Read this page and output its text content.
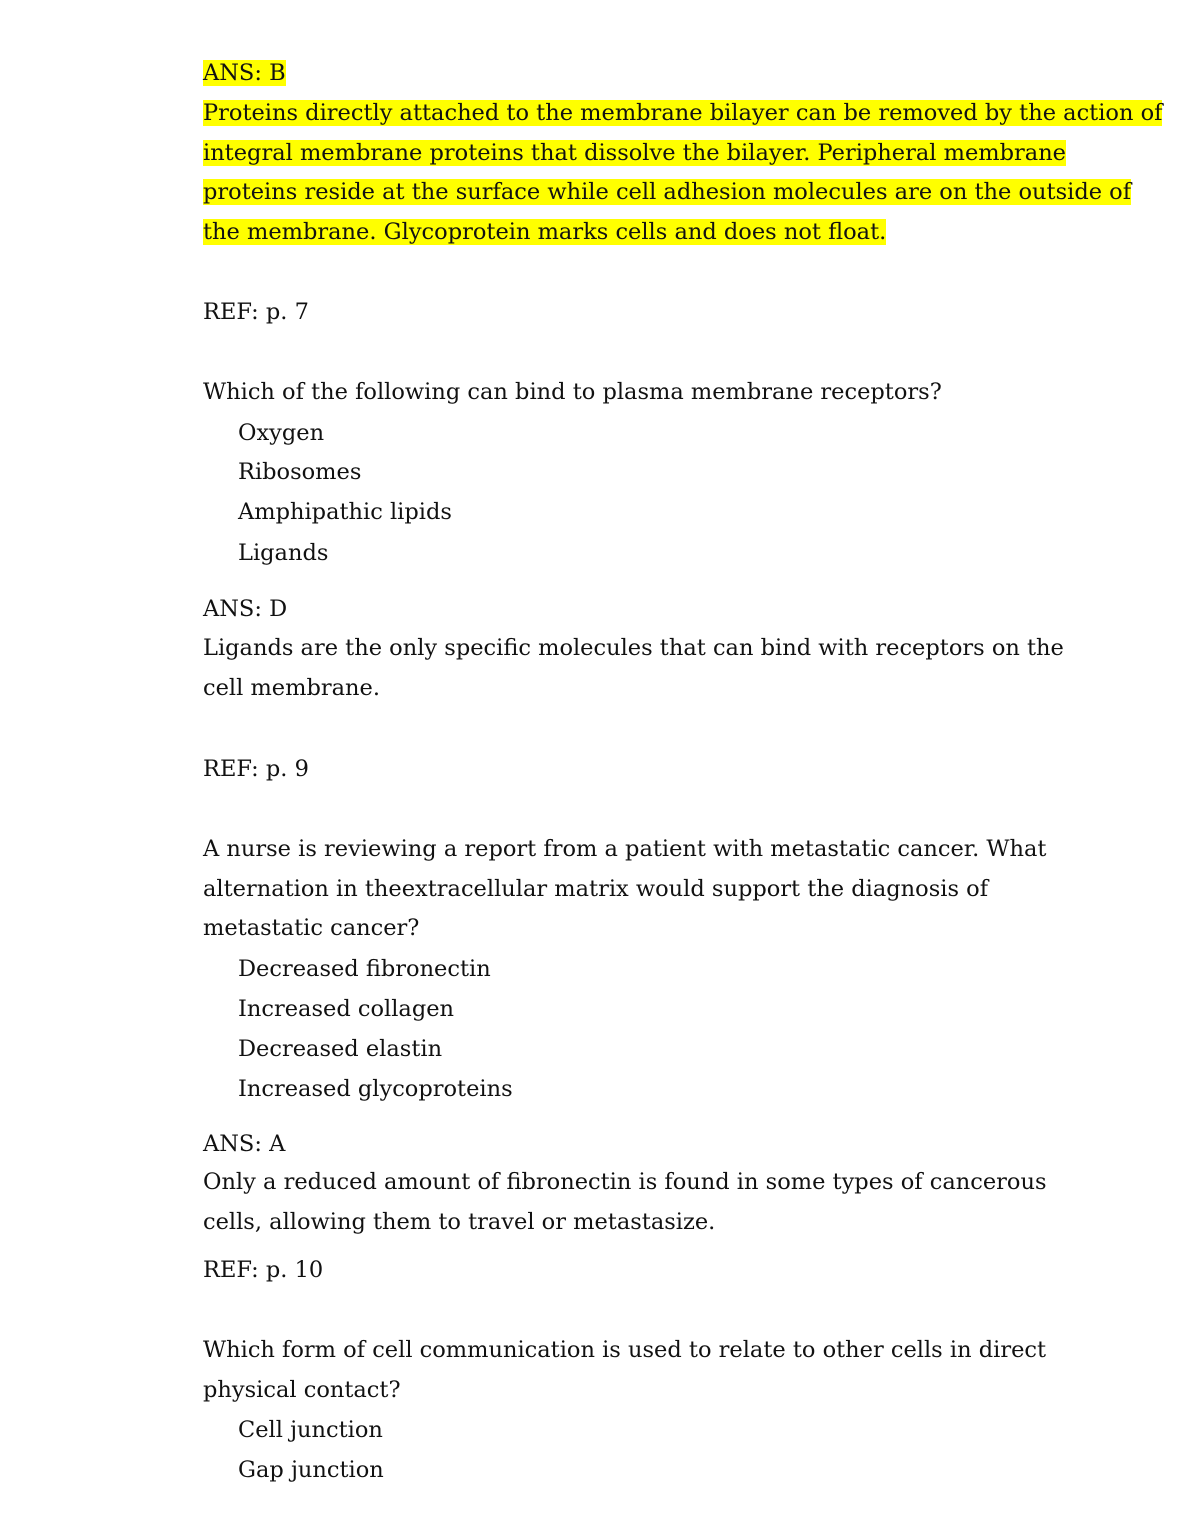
ANS: B

Proteins directly attached to the membrane bilayer can be removed by the action of

integral membrane proteins that dissolve the bilayer. Peripheral membrane

proteins reside at the surface while cell adhesion molecules are on the outside of

the membrane. Glycoprotein marks cells and does not float.

REF: p. 7

Which of the following can bind to plasma membrane receptors?

Oxygen

Ribosomes

Amphipathic lipids

Ligands

ANS: D

Ligands are the only specific molecules that can bind with receptors on the

cell membrane.

REF: p. 9

A nurse is reviewing a report from a patient with metastatic cancer. What

alternation in theextracellular matrix would support the diagnosis of

metastatic cancer?

Decreased fibronectin

Increased collagen

Decreased elastin

Increased glycoproteins

ANS: A

Only a reduced amount of fibronectin is found in some types of cancerous

cells, allowing them to travel or metastasize.

REF: p. 10

Which form of cell communication is used to relate to other cells in direct

physical contact?

Cell junction

Gap junction
